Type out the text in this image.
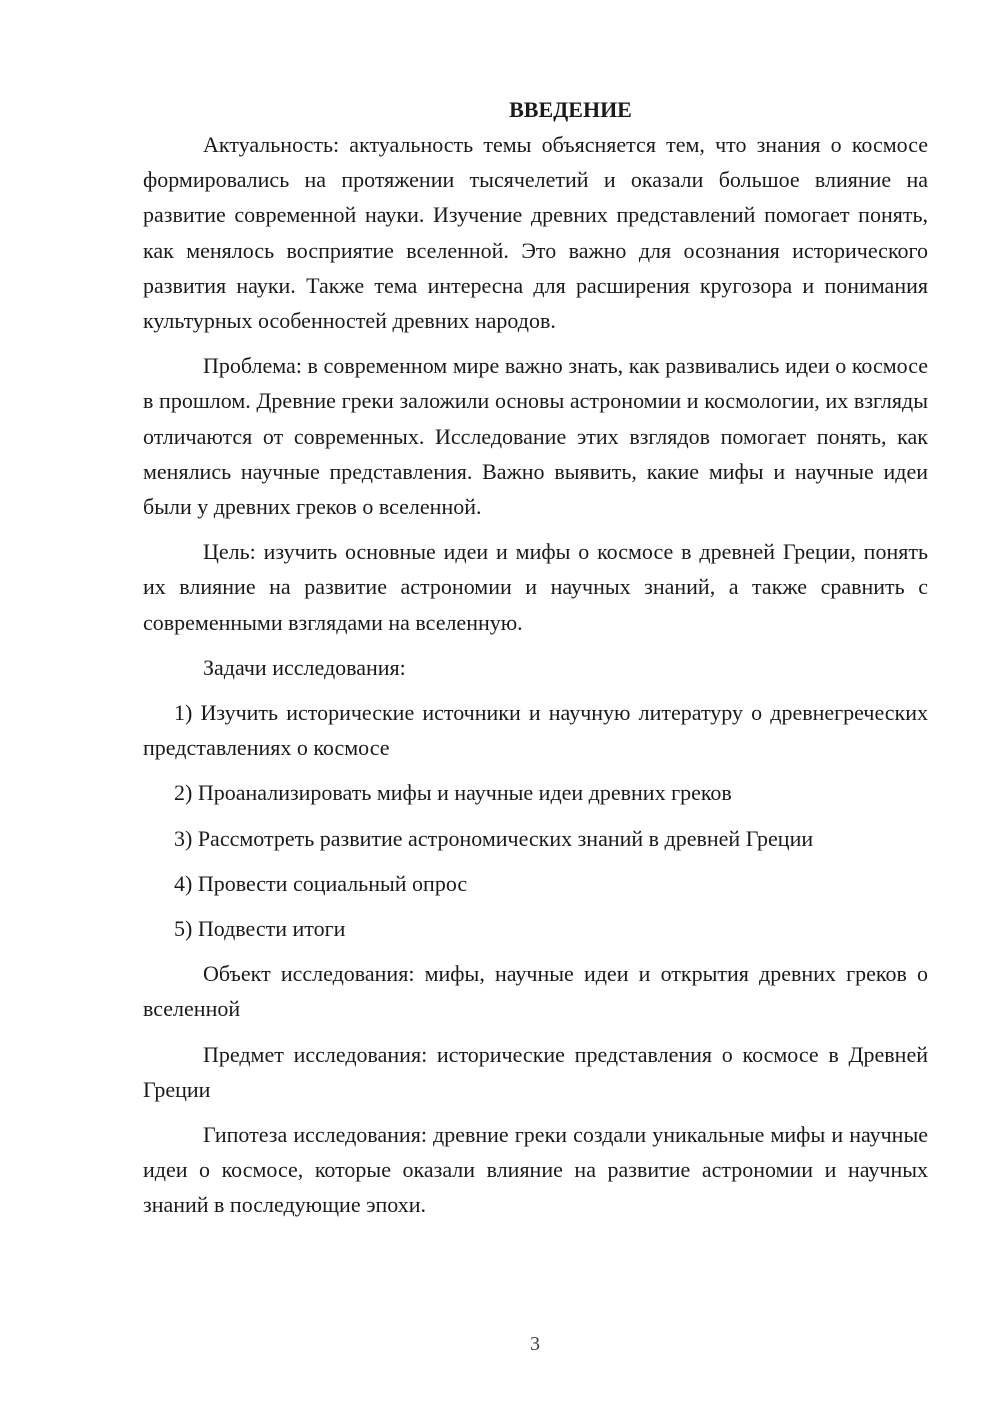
ВВЕДЕНИЕ

Актуальность: актуальность темы объясняется тем, что знания о космосе формировались на протяжении тысячелетий и оказали большое влияние на развитие современной науки. Изучение древних представлений помогает понять, как менялось восприятие вселенной. Это важно для осознания исторического развития науки. Также тема интересна для расширения кругозора и понимания культурных особенностей древних народов.

Проблема: в современном мире важно знать, как развивались идеи о космосе в прошлом. Древние греки заложили основы астрономии и космологии, их взгляды отличаются от современных. Исследование этих взглядов помогает понять, как менялись научные представления. Важно выявить, какие мифы и научные идеи были у древних греков о вселенной.

Цель: изучить основные идеи и мифы о космосе в древней Греции, понять их влияние на развитие астрономии и научных знаний, а также сравнить с современными взглядами на вселенную.

Задачи исследования:

1) Изучить исторические источники и научную литературу о древнегреческих представлениях о космосе

2) Проанализировать мифы и научные идеи древних греков

3) Рассмотреть развитие астрономических знаний в древней Греции

4) Провести социальный опрос

5) Подвести итоги

Объект исследования: мифы, научные идеи и открытия древних греков о вселенной

Предмет исследования: исторические представления о космосе в Древней Греции

Гипотеза исследования: древние греки создали уникальные мифы и научные идеи о космосе, которые оказали влияние на развитие астрономии и научных знаний в последующие эпохи.

3
